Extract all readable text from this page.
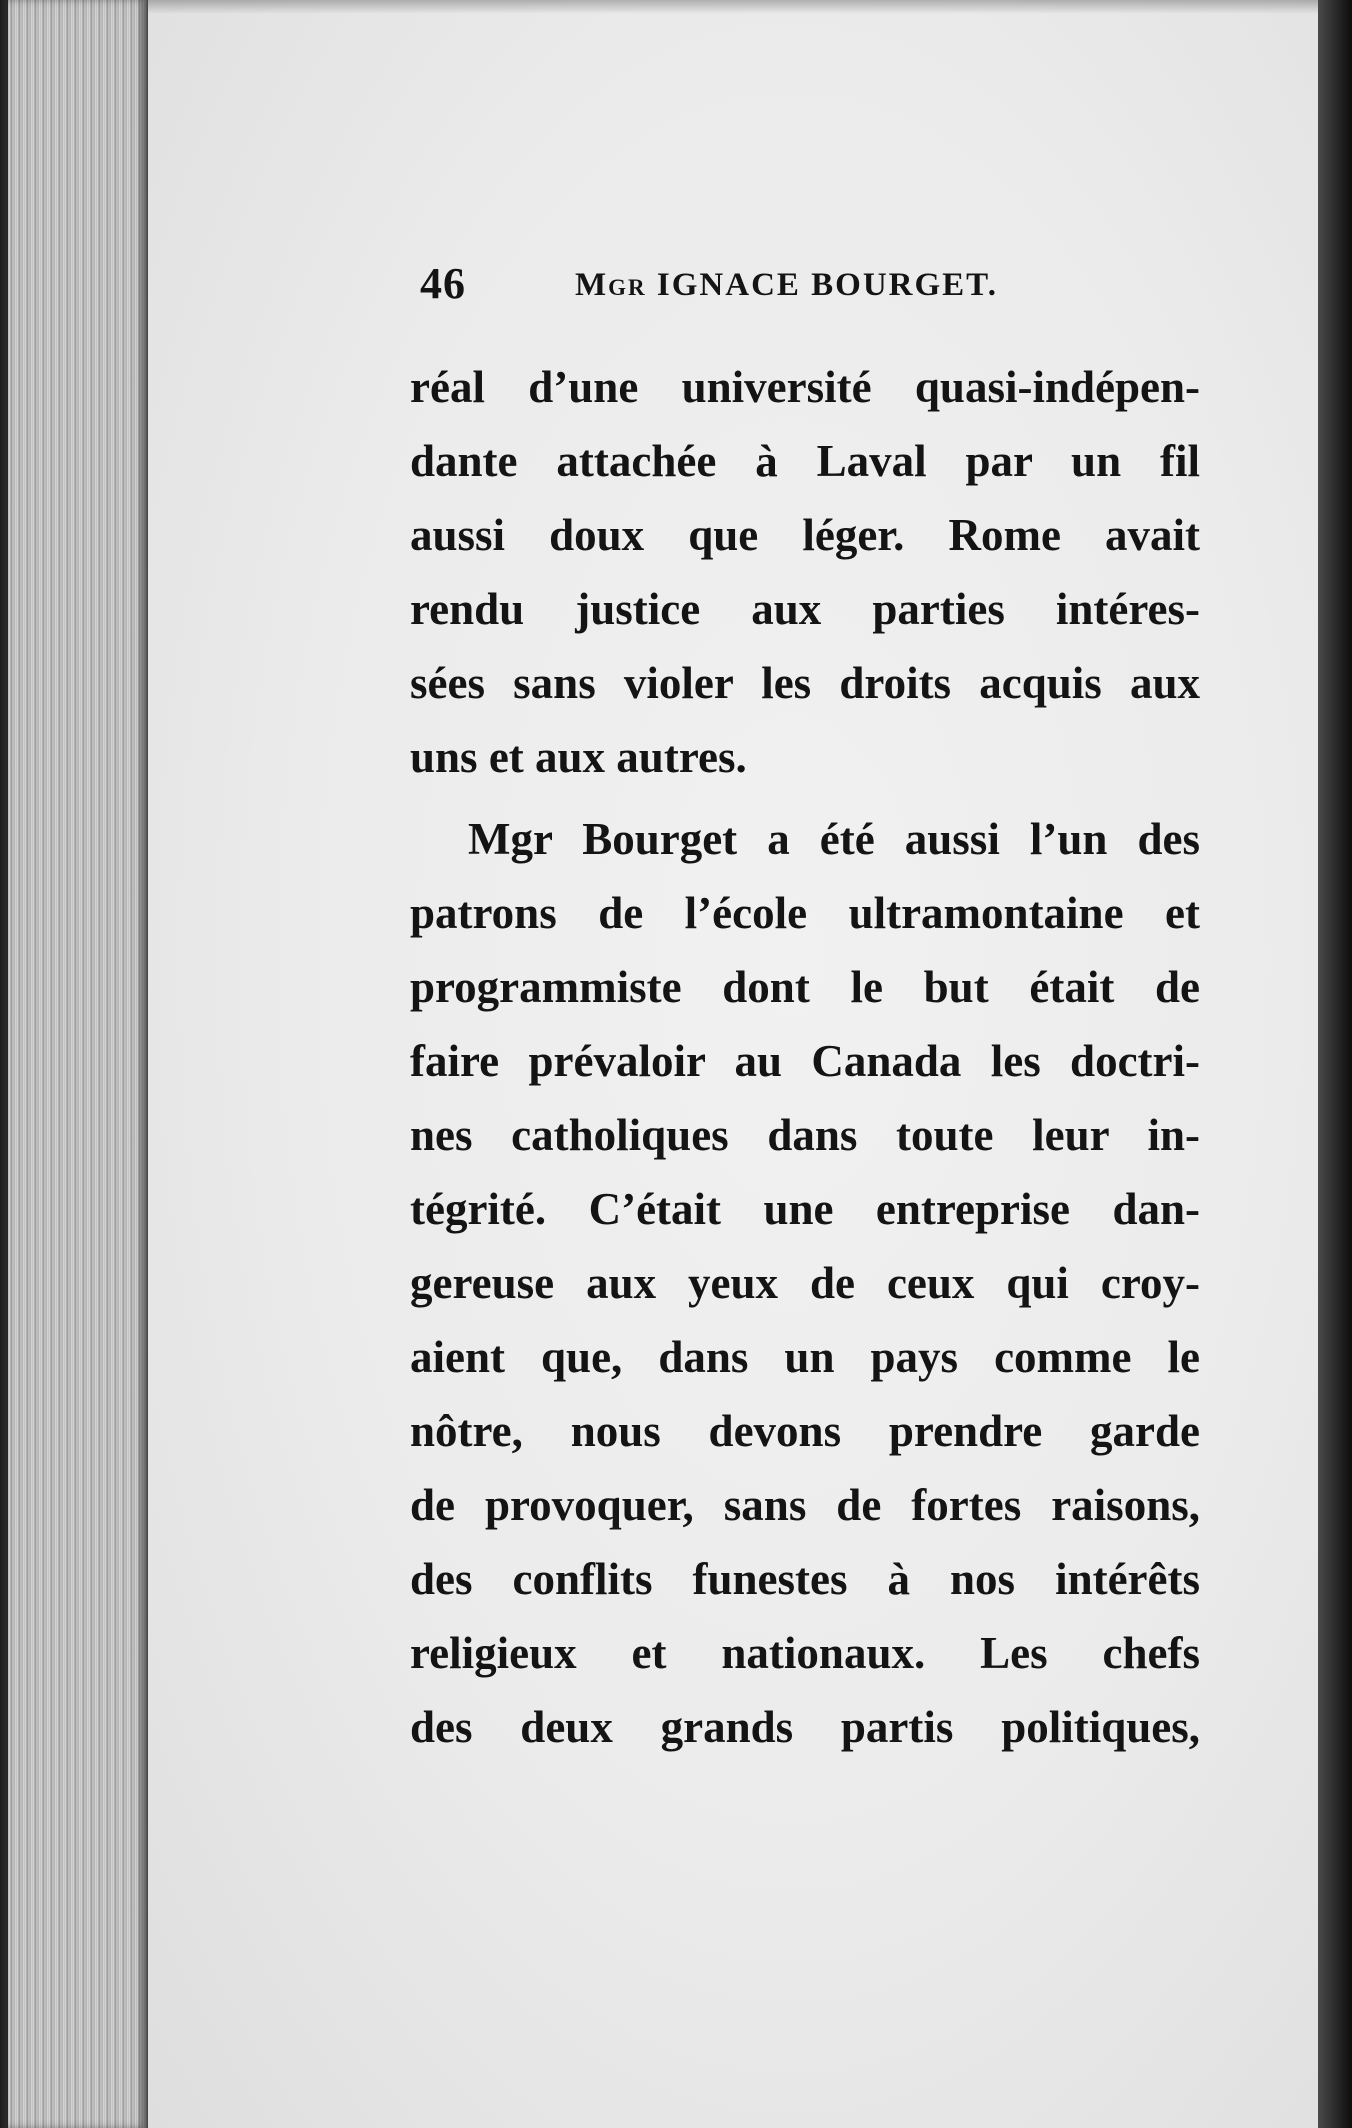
46	Mgr IGNACE BOURGET.
réal d’une université quasi-indépen-
dante attachée à Laval par un fil
aussi doux que léger. Rome avait
rendu justice aux parties intéres-
sées sans violer les droits acquis aux
uns et aux autres.
Mgr Bourget a été aussi l’un des
patrons de l’école ultramontaine et
programmiste dont le but était de
faire prévaloir au Canada les doctri-
nes catholiques dans toute leur in-
tégrité. C’était une entreprise dan-
gereuse aux yeux de ceux qui croy-
aient que, dans un pays comme le
nôtre, nous devons prendre garde
de provoquer, sans de fortes raisons,
des conflits funestes à nos intérêts
religieux et nationaux. Les chefs
des deux grands partis politiques,
